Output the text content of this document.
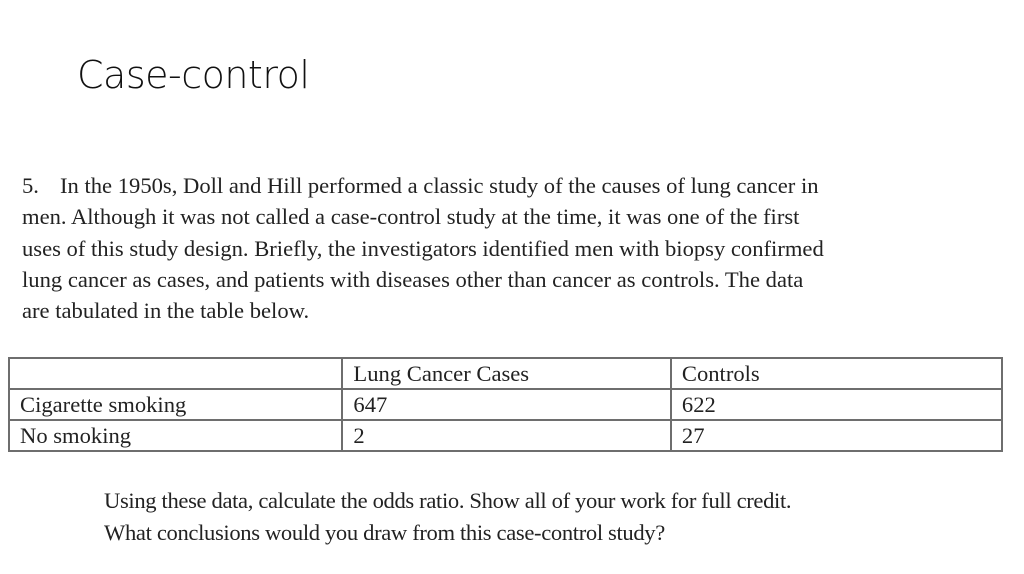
Case-control
5. In the 1950s, Doll and Hill performed a classic study of the causes of lung cancer in
men. Although it was not called a case-control study at the time, it was one of the first
uses of this study design. Briefly, the investigators identified men with biopsy confirmed
lung cancer as cases, and patients with diseases other than cancer as controls. The data
are tabulated in the table below.
	Lung Cancer Cases	Controls
Cigarette smoking	647	622
No smoking	2	27
Using these data, calculate the odds ratio. Show all of your work for full credit.
What conclusions would you draw from this case-control study?
